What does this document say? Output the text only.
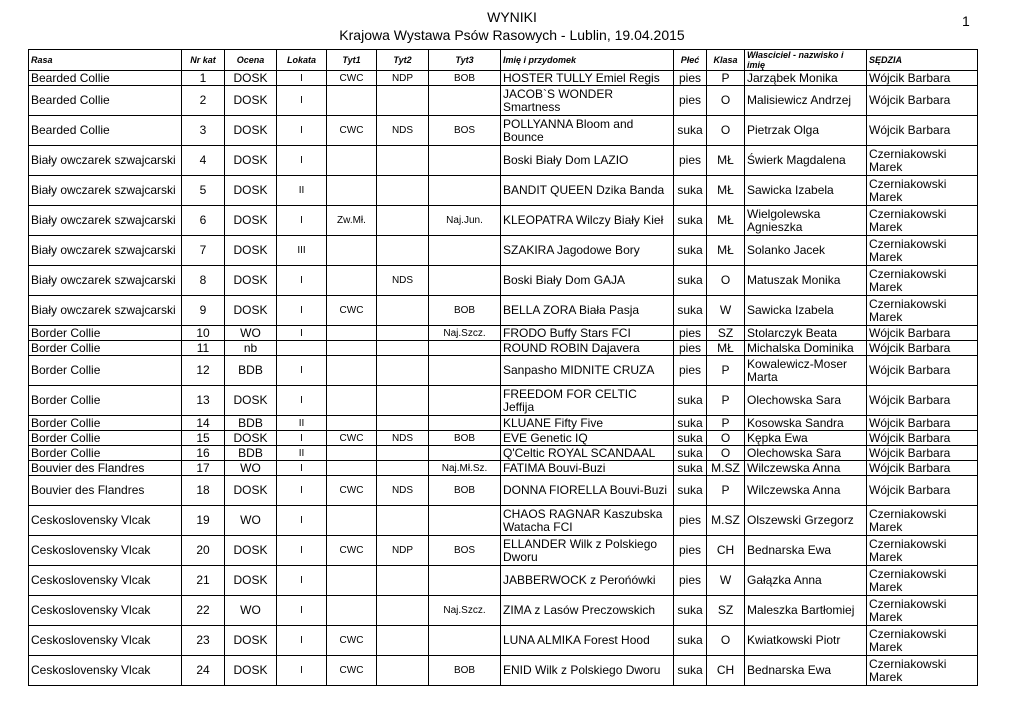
WYNIKI
Krajowa Wystawa Psów Rasowych - Lublin, 19.04.2015
1
Rasa	Nr kat	Ocena	Lokata	Tyt1	Tyt2	Tyt3	Imię i przydomek	Płeć	Klasa	Własciciel - nazwisko i imię	SĘDZIA
Bearded Collie	1	DOSK	I	CWC	NDP	BOB	HOSTER TULLY Emiel Regis	pies	P	Jarząbek Monika	Wójcik Barbara
Bearded Collie	2	DOSK	I				JACOB`S WONDER Smartness	pies	O	Malisiewicz Andrzej	Wójcik Barbara
Bearded Collie	3	DOSK	I	CWC	NDS	BOS	POLLYANNA Bloom and Bounce	suka	O	Pietrzak Olga	Wójcik Barbara
Biały owczarek szwajcarski	4	DOSK	I				Boski Biały Dom LAZIO	pies	MŁ	Świerk Magdalena	Czerniakowski Marek
Biały owczarek szwajcarski	5	DOSK	II				BANDIT QUEEN Dzika Banda	suka	MŁ	Sawicka Izabela	Czerniakowski Marek
Biały owczarek szwajcarski	6	DOSK	I	Zw.Mł.		Naj.Jun.	KLEOPATRA Wilczy Biały Kieł	suka	MŁ	Wielgolewska Agnieszka	Czerniakowski Marek
Biały owczarek szwajcarski	7	DOSK	III				SZAKIRA Jagodowe Bory	suka	MŁ	Solanko Jacek	Czerniakowski Marek
Biały owczarek szwajcarski	8	DOSK	I		NDS		Boski Biały Dom GAJA	suka	O	Matuszak Monika	Czerniakowski Marek
Biały owczarek szwajcarski	9	DOSK	I	CWC		BOB	BELLA ZORA Biała Pasja	suka	W	Sawicka Izabela	Czerniakowski Marek
Border Collie	10	WO	I			Naj.Szcz.	FRODO Buffy Stars FCI	pies	SZ	Stolarczyk Beata	Wójcik Barbara
Border Collie	11	nb					ROUND ROBIN Dajavera	pies	MŁ	Michalska Dominika	Wójcik Barbara
Border Collie	12	BDB	I				Sanpasho MIDNITE CRUZA	pies	P	Kowalewicz-Moser Marta	Wójcik Barbara
Border Collie	13	DOSK	I				FREEDOM FOR CELTIC Jeffija	suka	P	Olechowska Sara	Wójcik Barbara
Border Collie	14	BDB	II				KLUANE Fifty Five	suka	P	Kosowska Sandra	Wójcik Barbara
Border Collie	15	DOSK	I	CWC	NDS	BOB	EVE Genetic IQ	suka	O	Kępka Ewa	Wójcik Barbara
Border Collie	16	BDB	II				Q'Celtic ROYAL SCANDAAL	suka	O	Olechowska Sara	Wójcik Barbara
Bouvier des Flandres	17	WO	I			Naj.Mł.Sz.	FATIMA Bouvi-Buzi	suka	M.SZ	Wilczewska Anna	Wójcik Barbara
Bouvier des Flandres	18	DOSK	I	CWC	NDS	BOB	DONNA FIORELLA Bouvi-Buzi	suka	P	Wilczewska Anna	Wójcik Barbara
Ceskoslovensky Vlcak	19	WO	I				CHAOS RAGNAR Kaszubska Watacha FCI	pies	M.SZ	Olszewski Grzegorz	Czerniakowski Marek
Ceskoslovensky Vlcak	20	DOSK	I	CWC	NDP	BOS	ELLANDER Wilk z Polskiego Dworu	pies	CH	Bednarska Ewa	Czerniakowski Marek
Ceskoslovensky Vlcak	21	DOSK	I				JABBERWOCK z Perońówki	pies	W	Gałązka Anna	Czerniakowski Marek
Ceskoslovensky Vlcak	22	WO	I			Naj.Szcz.	ZIMA z Lasów Preczowskich	suka	SZ	Maleszka Bartłomiej	Czerniakowski Marek
Ceskoslovensky Vlcak	23	DOSK	I	CWC			LUNA ALMIKA Forest Hood	suka	O	Kwiatkowski Piotr	Czerniakowski Marek
Ceskoslovensky Vlcak	24	DOSK	I	CWC		BOB	ENID Wilk z Polskiego Dworu	suka	CH	Bednarska Ewa	Czerniakowski Marek
